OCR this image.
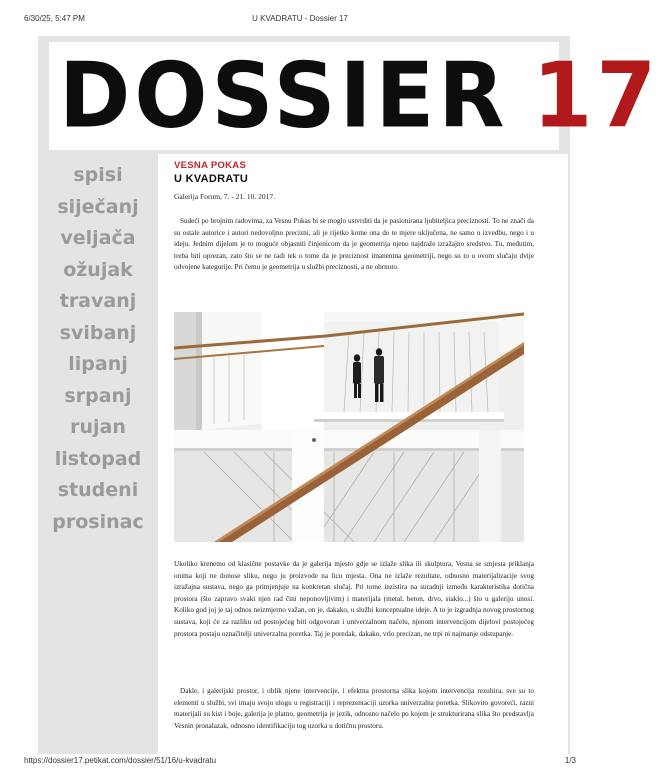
6/30/25, 5:47 PM	U KVADRATU - Dossier 17
DOSSIER 17
spisi
siječanj
veljača
ožujak
travanj
svibanj
lipanj
srpanj
rujan
listopad
studeni
prosinac
VESNA POKAS
U KVADRATU
Galerija Forum, 7. - 21. 10. 2017.

Sudeći po brojnim radovima, za Vesnu Pokas bi se moglo ustvrditi da je pasionirana ljubiteljica preciznosti. To ne znači da su ostale autorice i autori nedovoljno precizni, ali je rijetko kome ona do te mjere uključena, ne samo u izvedbu, nego i u ideju. Jednim dijelom je to moguće objasniti činjenicom da je geometrija njeno najdraže izražajno sredstvo. Tu, međutim, treba biti oprezan, zato što se ne radi tek o tome da je preciznost imanentna geometriji, nego su to u ovom slučaju dvije odvojene kategorije. Pri čemu je geometrija u službi preciznosti, a ne obrnuto.

Ukoliko krenemo od klasične postavke da je galerija mjesto gdje se izlaže slika ili skulptura, Vesna se smjesta priklanja onima koji ne donose sliku, nego ju proizvode na licu mjesta. Ona ne izlaže rezultate, odnosno materijalizacije svog izražajna sustava, nego ga primjenjuje na konkretan slučaj. Pri tome inzistira na suradnji između karakteristika dotična prostora (što zapravo svaki njen rad čini neponovljivim) i materijala (metal, beton, drvo, staklo...) što u galeriju unosi. Koliko god joj je taj odnos neizmjerno važan, on je, dakako, u službi konceptualne ideje. A to je izgradnja novog prostornog sustava, koji će za razliku od postojećeg biti odgovoran i univerzalnom načelu, njenom intervencijom dijelovi postojećeg prostora postaju označitelji univerzalna poretka. Taj je poredak, dakako, vrlo precizan, ne trpi ni najmanje odstupanje.

Dakle, i galerijski prostor, i oblik njene intervencije, i efektna prostorna slika kojom intervencija rezultira, sve su to elementi u službi, svi imaju svoju ulogu u registraciji i reprezentaciji uzorka univerzalna poretka. Slikovito govoreći, razni materijali su kist i boje, galerija je platno, geometrija je jezik, odnosno načelo po kojem je strukturirana slika što predstavlja Vesnin pronalazak, odnosno identifikaciju tog uzorka u dotičnu prostoru.

https://dossier17.petikat.com/dossier/51/16/u-kvadratu	1/3
